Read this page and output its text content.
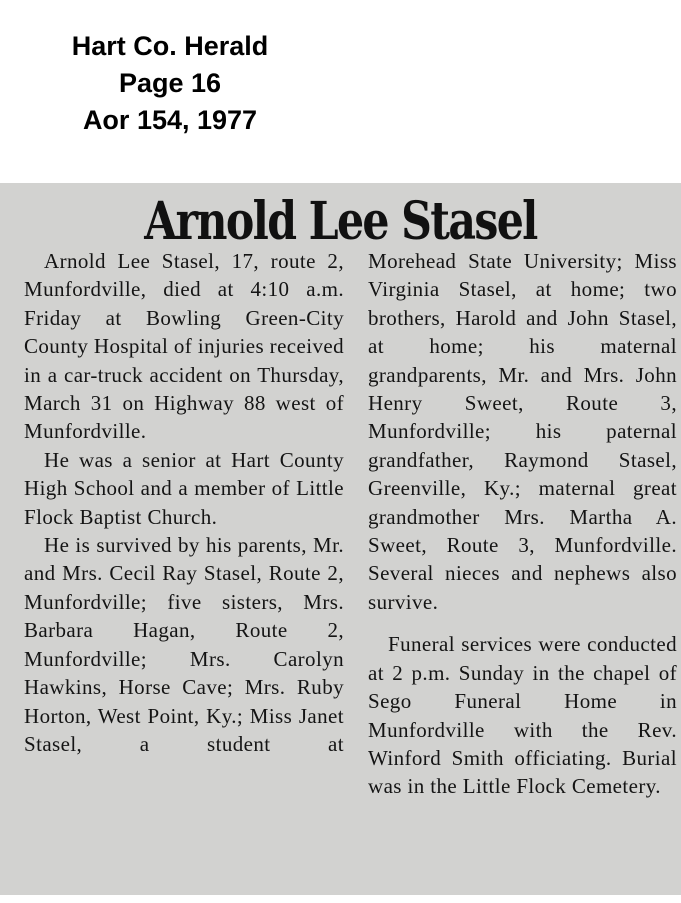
Hart Co. Herald
Page 16
Aor 154, 1977
Arnold Lee Stasel

Arnold Lee Stasel, 17, route 2, Munfordville, died at 4:10 a.m. Friday at Bowling Green-City County Hospital of injuries received in a car-truck accident on Thursday, March 31 on Highway 88 west of Munfordville.

He was a senior at Hart County High School and a member of Little Flock Baptist Church.

He is survived by his parents, Mr. and Mrs. Cecil Ray Stasel, Route 2, Munfordville; five sisters, Mrs. Barbara Hagan, Route 2, Munfordville; Mrs. Carolyn Hawkins, Horse Cave; Mrs. Ruby Horton, West Point, Ky.; Miss Janet Stasel, a student at

Morehead State University; Miss Virginia Stasel, at home; two brothers, Harold and John Stasel, at home; his maternal grandparents, Mr. and Mrs. John Henry Sweet, Route 3, Munfordville; his paternal grandfather, Raymond Stasel, Greenville, Ky.; maternal great grandmother Mrs. Martha A. Sweet, Route 3, Munfordville. Several nieces and nephews also survive.

Funeral services were conducted at 2 p.m. Sunday in the chapel of Sego Funeral Home in Munfordville with the Rev. Winford Smith officiating. Burial was in the Little Flock Cemetery.
